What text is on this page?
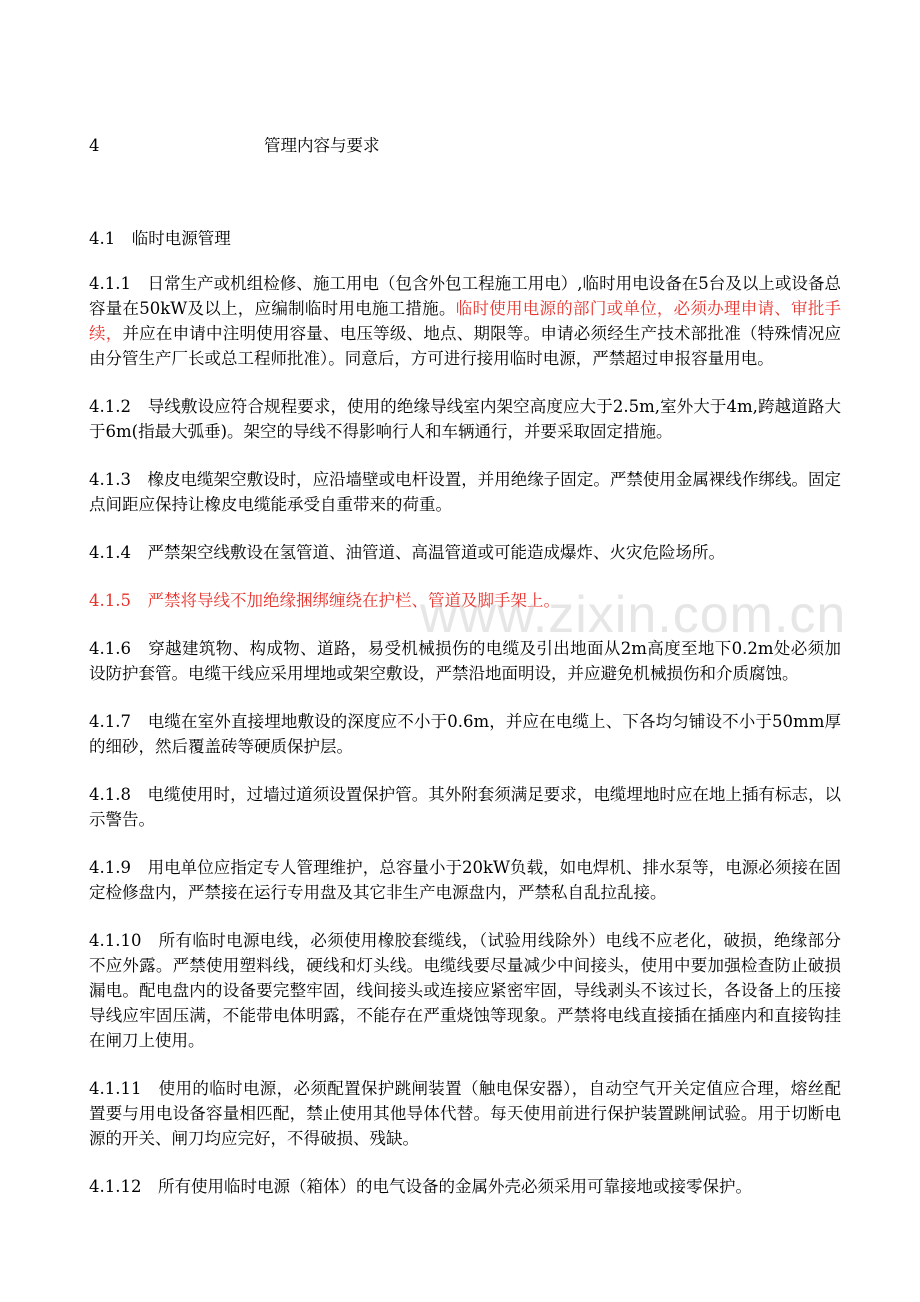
4	管理内容与要求

4.1　临时电源管理

4.1.1　日常生产或机组检修、施工用电（包含外包工程施工用电）,临时用电设备在5台及以上或设备总容量在50kW及以上，应编制临时用电施工措施。临时使用电源的部门或单位，必须办理申请、审批手续，并应在申请中注明使用容量、电压等级、地点、期限等。申请必须经生产技术部批准（特殊情况应由分管生产厂长或总工程师批准）。同意后，方可进行接用临时电源，严禁超过申报容量用电。

4.1.2　导线敷设应符合规程要求，使用的绝缘导线室内架空高度应大于2.5m,室外大于4m,跨越道路大于6m(指最大弧垂)。架空的导线不得影响行人和车辆通行，并要采取固定措施。

4.1.3　橡皮电缆架空敷设时，应沿墙壁或电杆设置，并用绝缘子固定。严禁使用金属裸线作绑线。固定点间距应保持让橡皮电缆能承受自重带来的荷重。

4.1.4　严禁架空线敷设在氢管道、油管道、高温管道或可能造成爆炸、火灾危险场所。

4.1.5　严禁将导线不加绝缘捆绑缠绕在护栏、管道及脚手架上。

4.1.6　穿越建筑物、构成物、道路，易受机械损伤的电缆及引出地面从2m高度至地下0.2m处必须加设防护套管。电缆干线应采用埋地或架空敷设，严禁沿地面明设，并应避免机械损伤和介质腐蚀。

4.1.7　电缆在室外直接埋地敷设的深度应不小于0.6m，并应在电缆上、下各均匀铺设不小于50mm厚的细砂，然后覆盖砖等硬质保护层。

4.1.8　电缆使用时，过墙过道须设置保护管。其外附套须满足要求，电缆埋地时应在地上插有标志，以示警告。

4.1.9　用电单位应指定专人管理维护，总容量小于20kW负载，如电焊机、排水泵等，电源必须接在固定检修盘内，严禁接在运行专用盘及其它非生产电源盘内，严禁私自乱拉乱接。

4.1.10　所有临时电源电线，必须使用橡胶套缆线，（试验用线除外）电线不应老化，破损，绝缘部分不应外露。严禁使用塑料线，硬线和灯头线。电缆线要尽量减少中间接头，使用中要加强检查防止破损漏电。配电盘内的设备要完整牢固，线间接头或连接应紧密牢固，导线剥头不该过长，各设备上的压接导线应牢固压满，不能带电体明露，不能存在严重烧蚀等现象。严禁将电线直接插在插座内和直接钩挂在闸刀上使用。

4.1.11　使用的临时电源，必须配置保护跳闸装置（触电保安器），自动空气开关定值应合理，熔丝配置要与用电设备容量相匹配，禁止使用其他导体代替。每天使用前进行保护装置跳闸试验。用于切断电源的开关、闸刀均应完好，不得破损、残缺。

4.1.12　所有使用临时电源（箱体）的电气设备的金属外壳必须采用可靠接地或接零保护。

www.zixin.com.cn
